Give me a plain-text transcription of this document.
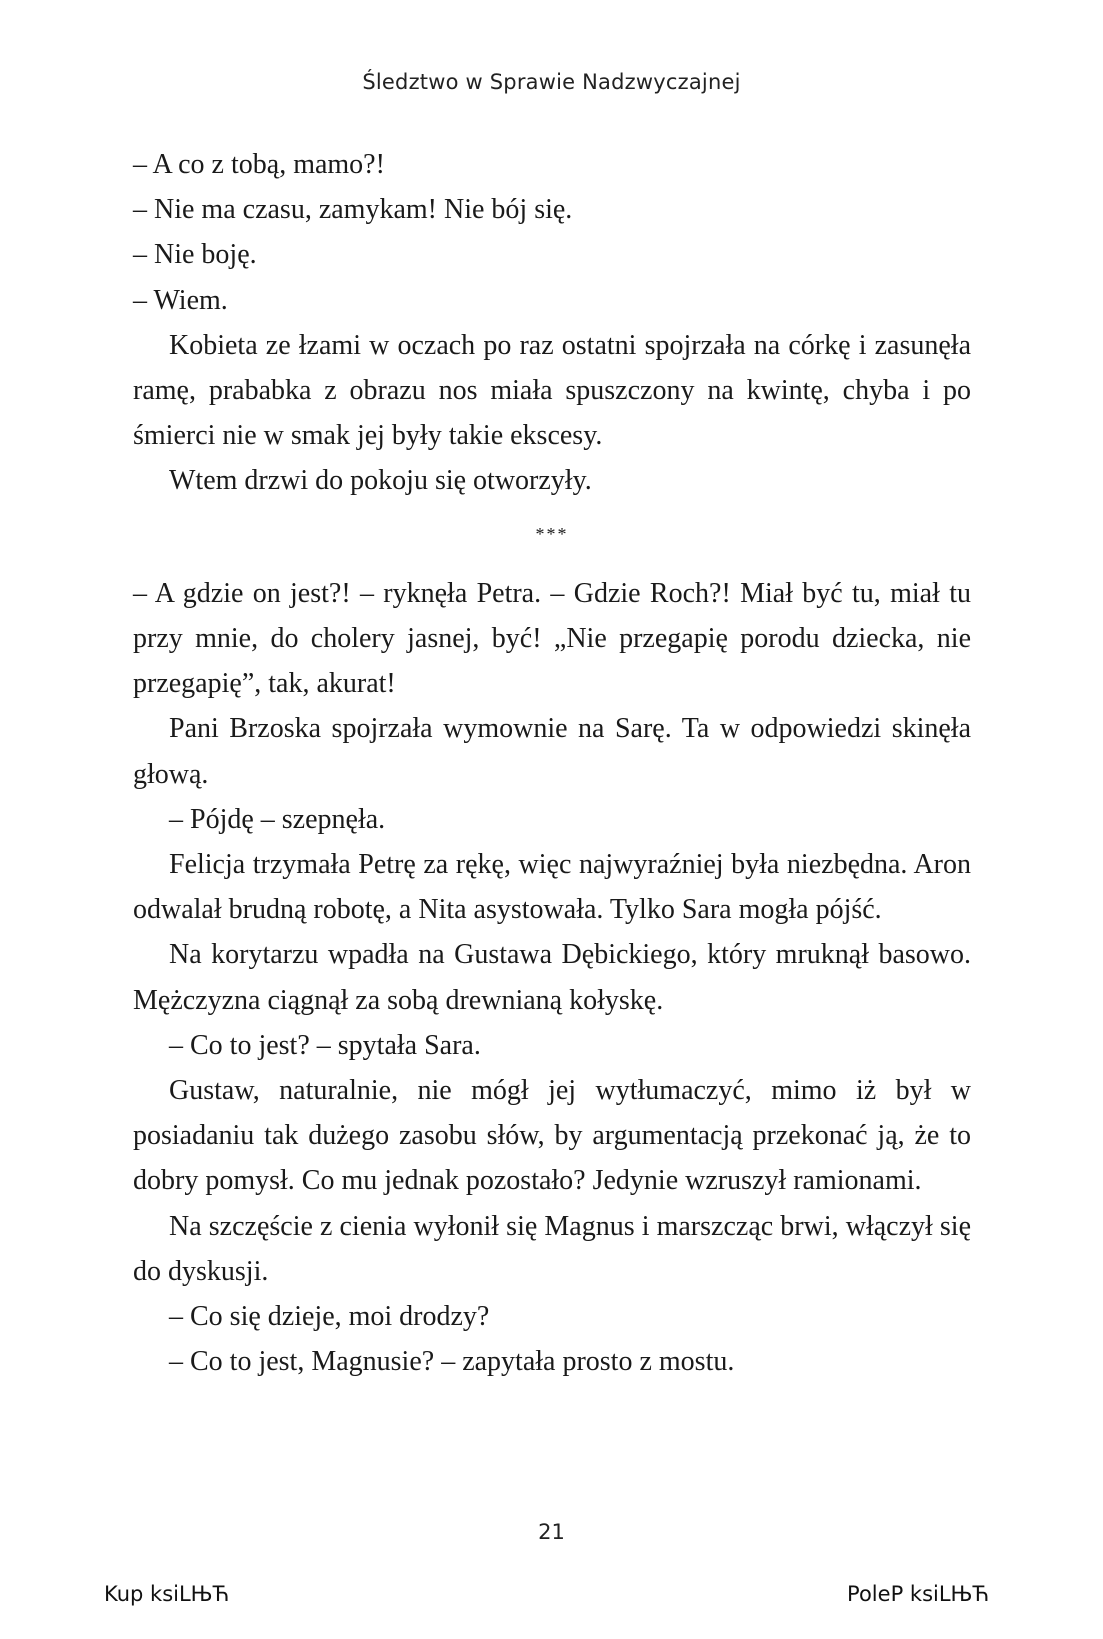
Śledztwo w Sprawie Nadzwyczajnej

– A co z tobą, mamo?!

– Nie ma czasu, zamykam! Nie bój się.

– Nie boję.

– Wiem.

Kobieta ze łzami w oczach po raz ostatni spojrzała na córkę i zasunęła ramę, prababka z obrazu nos miała spuszczony na kwintę, chyba i po śmierci nie w smak jej były takie ekscesy.

Wtem drzwi do pokoju się otworzyły.

***

– A gdzie on jest?! – ryknęła Petra. – Gdzie Roch?! Miał być tu, miał tu przy mnie, do cholery jasnej, być! „Nie przegapię porodu dziecka, nie przegapię”, tak, akurat!

Pani Brzoska spojrzała wymownie na Sarę. Ta w odpowiedzi skinęła głową.

– Pójdę – szepnęła.

Felicja trzymała Petrę za rękę, więc najwyraźniej była niezbędna. Aron odwalał brudną robotę, a Nita asystowała. Tylko Sara mogła pójść.

Na korytarzu wpadła na Gustawa Dębickiego, który mruknął basowo. Mężczyzna ciągnął za sobą drewnianą kołyskę.

– Co to jest? – spytała Sara.

Gustaw, naturalnie, nie mógł jej wytłumaczyć, mimo iż był w posiadaniu tak dużego zasobu słów, by argumentacją przekonać ją, że to dobry pomysł. Co mu jednak pozostało? Jedynie wzruszył ramionami.

Na szczęście z cienia wyłonił się Magnus i marszcząc brwi, włączył się do dyskusji.

– Co się dzieje, moi drodzy?

– Co to jest, Magnusie? – zapytała prosto z mostu.

21
Kup ksiLЊЋ	PoleP ksiLЊЋ
